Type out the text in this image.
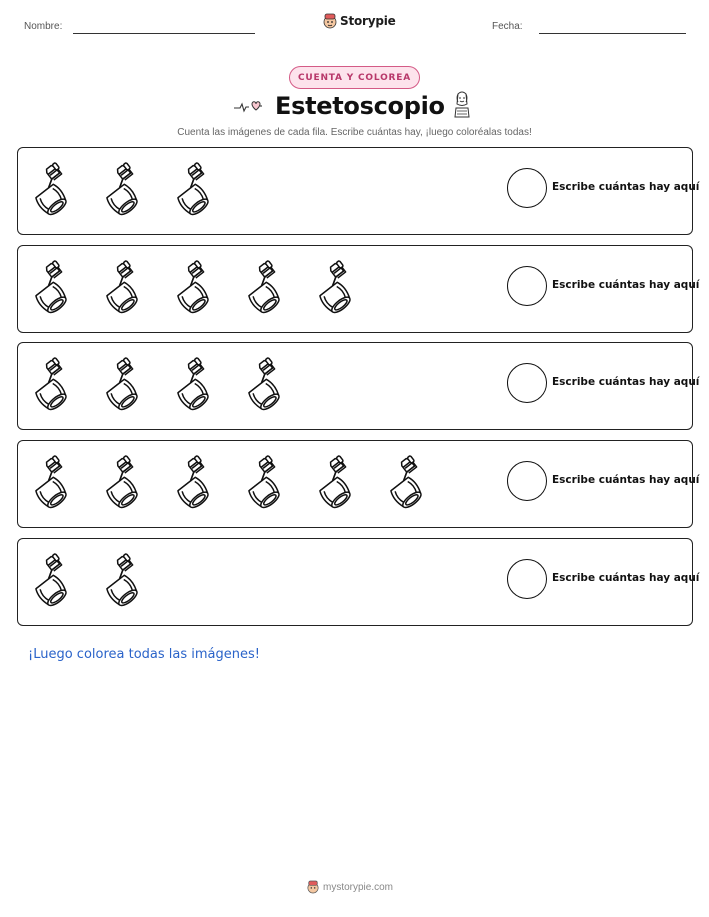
Nombre:	Storypie	Fecha:
CUENTA Y COLOREA
Estetoscopio
Cuenta las imágenes de cada fila. Escribe cuántas hay, ¡luego coloréalas todas!
Escribe cuántas hay aquí
Escribe cuántas hay aquí
Escribe cuántas hay aquí
Escribe cuántas hay aquí
Escribe cuántas hay aquí
¡Luego colorea todas las imágenes!
mystorypie.com
